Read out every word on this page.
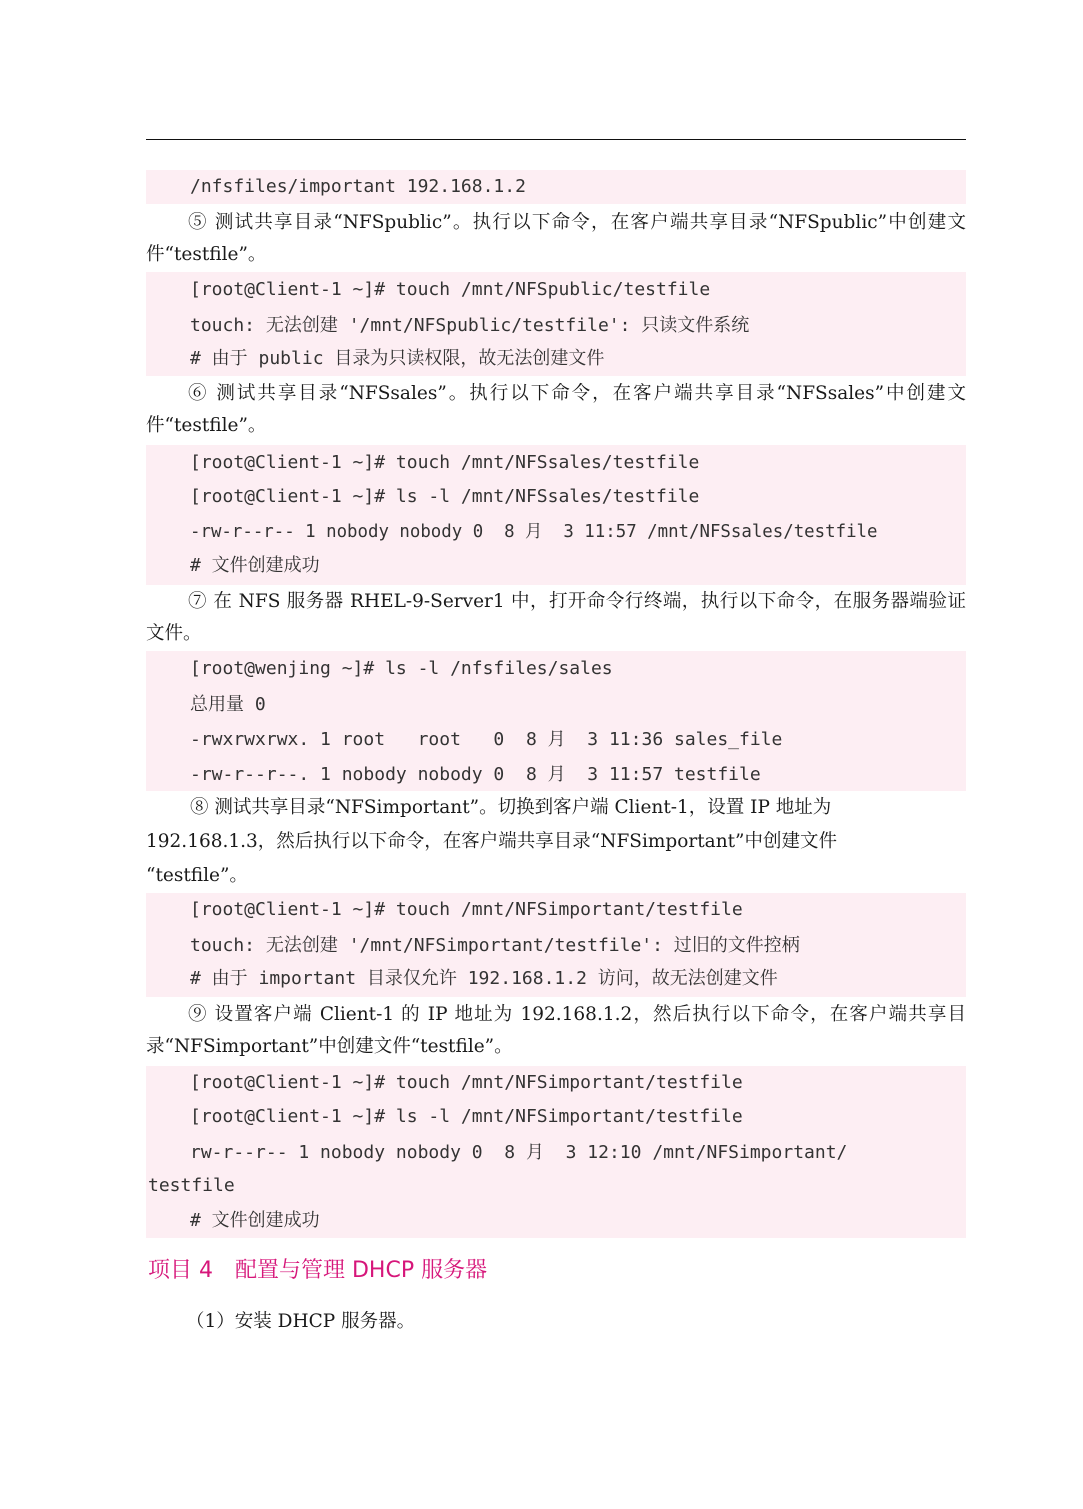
/nfsfiles/important 192.168.1.2
⑤ 测试共享目录“NFSpublic”。执行以下命令，在客户端共享目录“NFSpublic”中创建文件“testfile”。
[root@Client-1 ~]# touch /mnt/NFSpublic/testfile
touch: 无法创建 '/mnt/NFSpublic/testfile': 只读文件系统
# 由于 public 目录为只读权限，故无法创建文件
⑥ 测试共享目录“NFSsales”。执行以下命令，在客户端共享目录“NFSsales”中创建文件“testfile”。
[root@Client-1 ~]# touch /mnt/NFSsales/testfile
[root@Client-1 ~]# ls -l /mnt/NFSsales/testfile
-rw-r--r-- 1 nobody nobody 0  8 月  3 11:57 /mnt/NFSsales/testfile
# 文件创建成功
⑦ 在 NFS 服务器 RHEL-9-Server1 中，打开命令行终端，执行以下命令，在服务器端验证文件。
[root@wenjing ~]# ls -l /nfsfiles/sales
总用量 0
-rwxrwxrwx. 1 root   root   0  8 月  3 11:36 sales_file
-rw-r--r--. 1 nobody nobody 0  8 月  3 11:57 testfile
⑧ 测试共享目录“NFSimportant”。切换到客户端 Client-1，设置 IP 地址为
192.168.1.3，然后执行以下命令，在客户端共享目录“NFSimportant”中创建文件
“testfile”。
[root@Client-1 ~]# touch /mnt/NFSimportant/testfile
touch: 无法创建 '/mnt/NFSimportant/testfile': 过旧的文件控柄
# 由于 important 目录仅允许 192.168.1.2 访问，故无法创建文件
⑨ 设置客户端 Client-1 的 IP 地址为 192.168.1.2，然后执行以下命令，在客户端共享目录“NFSimportant”中创建文件“testfile”。
[root@Client-1 ~]# touch /mnt/NFSimportant/testfile
[root@Client-1 ~]# ls -l /mnt/NFSimportant/testfile
rw-r--r-- 1 nobody nobody 0  8 月  3 12:10 /mnt/NFSimportant/
testfile
# 文件创建成功
项目 4　配置与管理 DHCP 服务器
（1）安装 DHCP 服务器。
